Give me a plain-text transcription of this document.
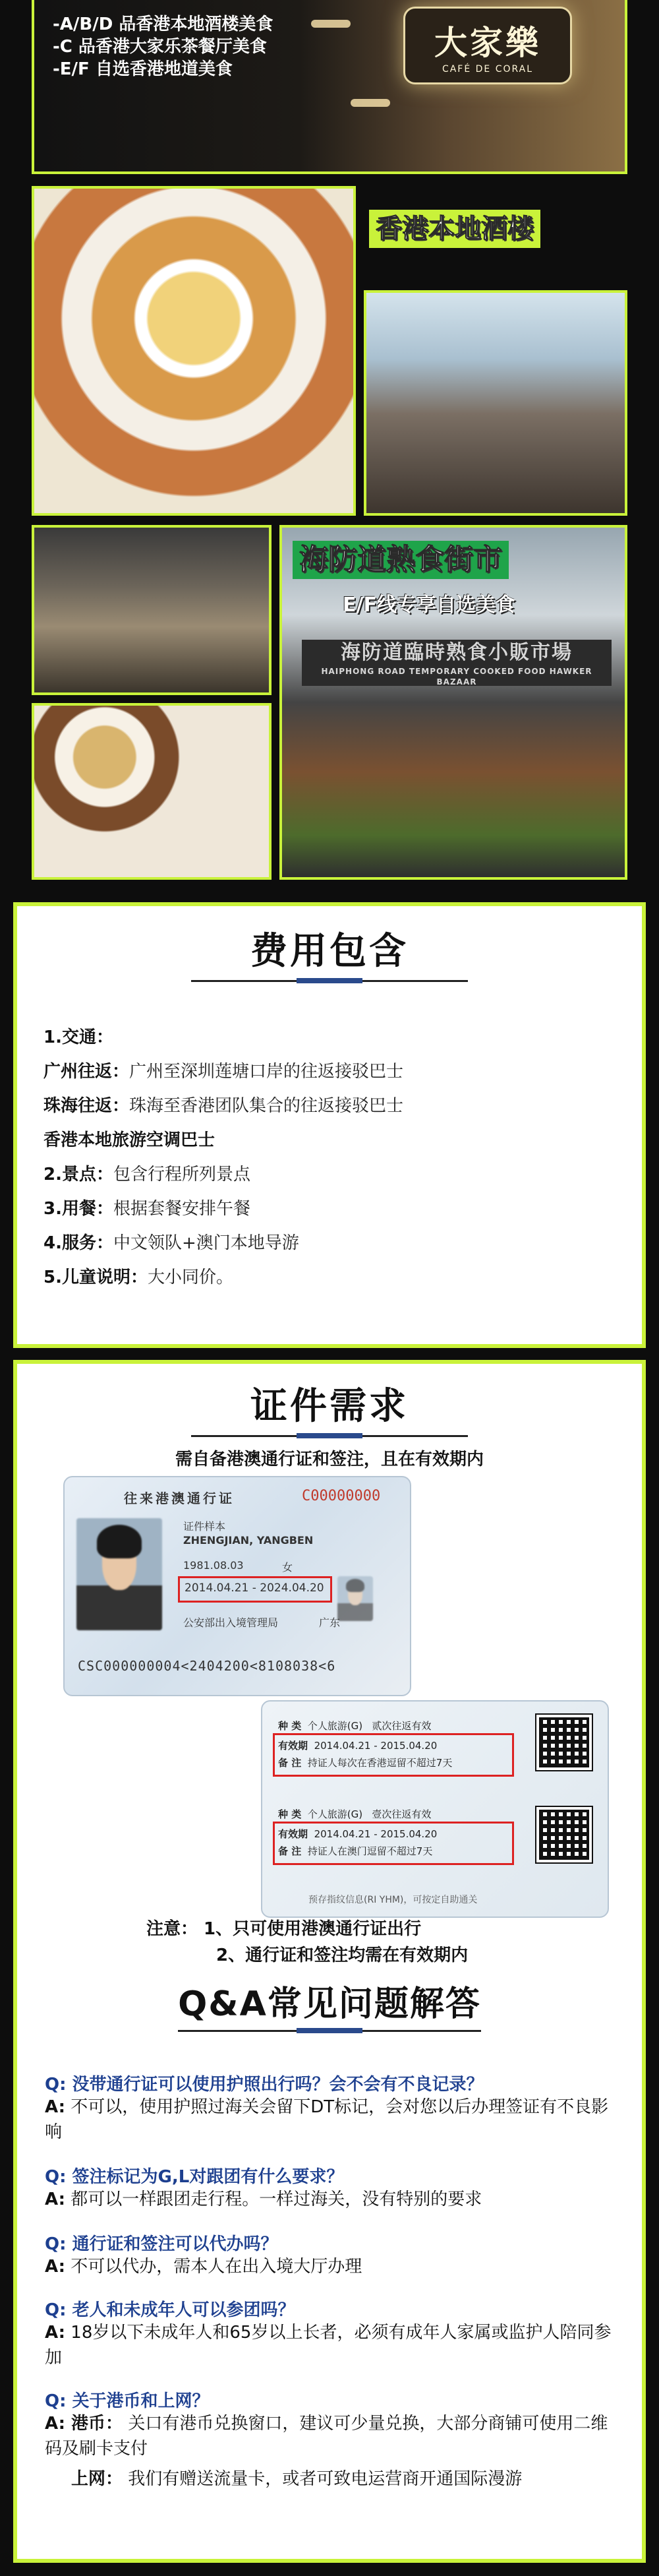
-A/B/D 品香港本地酒楼美食
-C 品香港大家乐茶餐厅美食
-E/F 自选香港地道美食
大家樂
CAFÉ DE CORAL
香港本地酒楼
海防道臨時熟食小販市場
HAIPHONG ROAD TEMPORARY COOKED FOOD HAWKER BAZAAR
海防道熟食街市
E/F线专享自选美食
费用包含
1.交通：
广州往返：广州至深圳莲塘口岸的往返接驳巴士
珠海往返：珠海至香港团队集合的往返接驳巴士
香港本地旅游空调巴士
2.景点：包含行程所列景点
3.用餐：根据套餐安排午餐
4.服务：中文领队+澳门本地导游
5.儿童说明：大小同价。
证件需求
需自备港澳通行证和签注，且在有效期内
往来港澳通行证	C00000000
证件样本
ZHENGJIAN, YANGBEN
1981.08.03	女
2014.04.21 - 2024.04.20
公安部出入境管理局	广东
CSC000000004<2404200<8108038<6
种 类 个人旅游(G) 贰次往返有效
有效期 2014.04.21 - 2015.04.20
备 注 持证人每次在香港逗留不超过7天
种 类 个人旅游(G) 壹次往返有效
有效期 2014.04.21 - 2015.04.20
备 注 持证人在澳门逗留不超过7天
预存指纹信息(RI YHM)，可按定自助通关
注意： 1、只可使用港澳通行证出行
2、通行证和签注均需在有效期内
Q&A常见问题解答
Q: 没带通行证可以使用护照出行吗？会不会有不良记录？
A: 不可以，使用护照过海关会留下DT标记，会对您以后办理签证有不良影响
Q: 签注标记为G,L对跟团有什么要求？
A: 都可以一样跟团走行程。一样过海关，没有特别的要求
Q: 通行证和签注可以代办吗？
A: 不可以代办，需本人在出入境大厅办理
Q: 老人和未成年人可以参团吗？
A: 18岁以下未成年人和65岁以上长者，必须有成年人家属或监护人陪同参加
Q: 关于港币和上网？
A: 港币： 关口有港币兑换窗口，建议可少量兑换，大部分商铺可使用二维码及刷卡支付
上网： 我们有赠送流量卡，或者可致电运营商开通国际漫游
